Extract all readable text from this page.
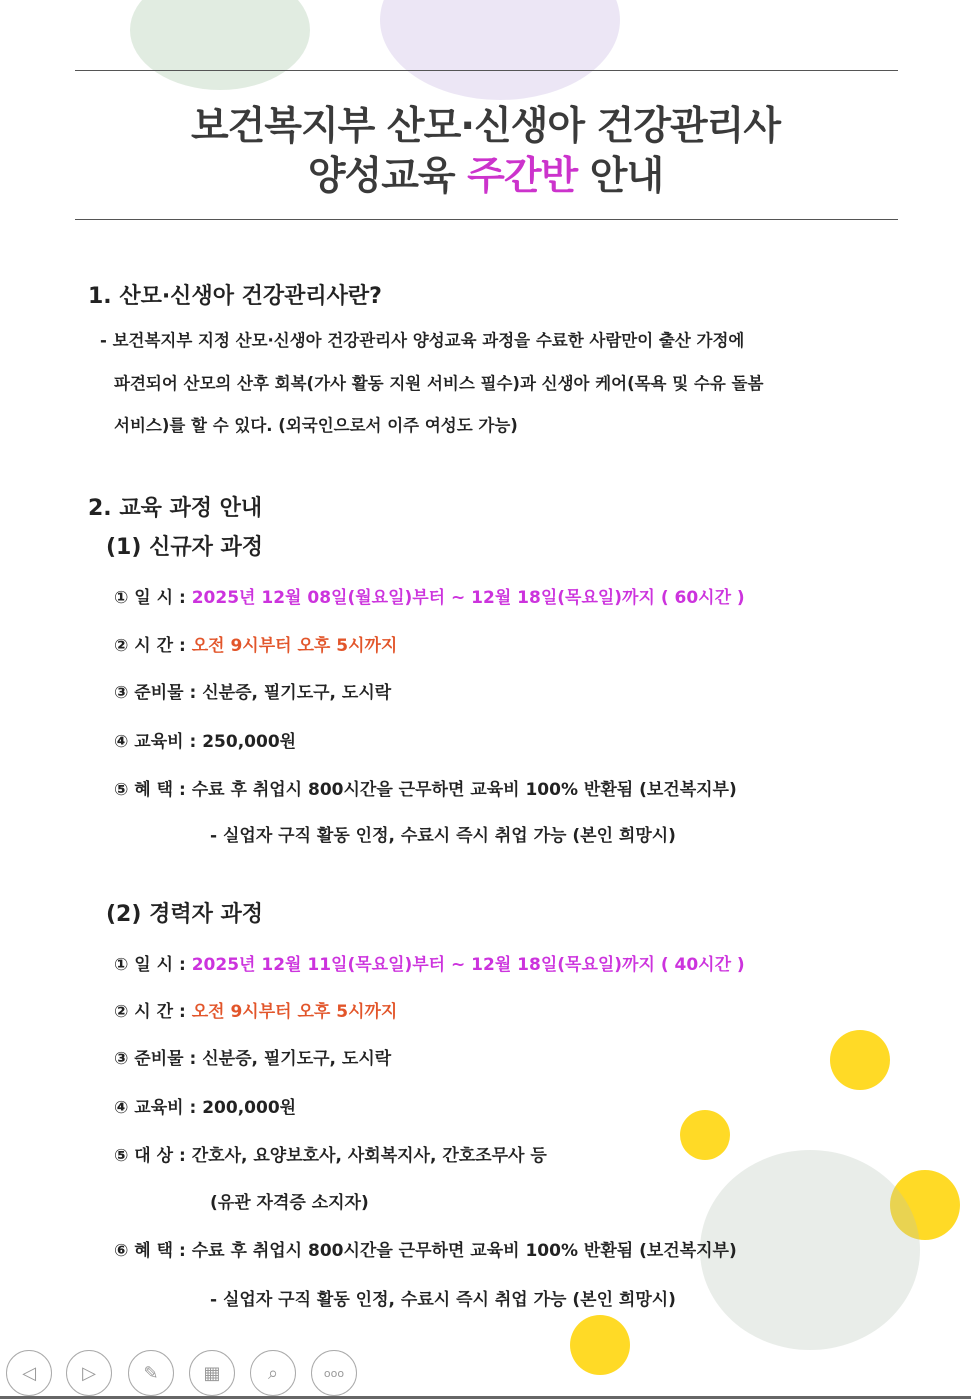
보건복지부 산모·신생아 건강관리사
양성교육 주간반 안내
1. 산모·신생아 건강관리사란?
- 보건복지부 지정 산모·신생아 건강관리사 양성교육 과정을 수료한 사람만이 출산 가정에
파견되어 산모의 산후 회복(가사 활동 지원 서비스 필수)과 신생아 케어(목욕 및 수유 돌봄
서비스)를 할 수 있다. (외국인으로서 이주 여성도 가능)
2. 교육 과정 안내
(1) 신규자 과정
① 일 시 : 2025년 12월 08일(월요일)부터 ~ 12월 18일(목요일)까지 ( 60시간 )
② 시 간 : 오전 9시부터 오후 5시까지
③ 준비물 : 신분증, 필기도구, 도시락
④ 교육비 : 250,000원
⑤ 혜 택 : 수료 후 취업시 800시간을 근무하면 교육비 100% 반환됨 (보건복지부)
- 실업자 구직 활동 인정, 수료시 즉시 취업 가능 (본인 희망시)
(2) 경력자 과정
① 일 시 : 2025년 12월 11일(목요일)부터 ~ 12월 18일(목요일)까지 ( 40시간 )
② 시 간 : 오전 9시부터 오후 5시까지
③ 준비물 : 신분증, 필기도구, 도시락
④ 교육비 : 200,000원
⑤ 대 상 : 간호사, 요양보호사, 사회복지사, 간호조무사 등
(유관 자격증 소지자)
⑥ 혜 택 : 수료 후 취업시 800시간을 근무하면 교육비 100% 반환됨 (보건복지부)
- 실업자 구직 활동 인정, 수료시 즉시 취업 가능 (본인 희망시)
◁	▷	✎ ▦	⌕	ooo
